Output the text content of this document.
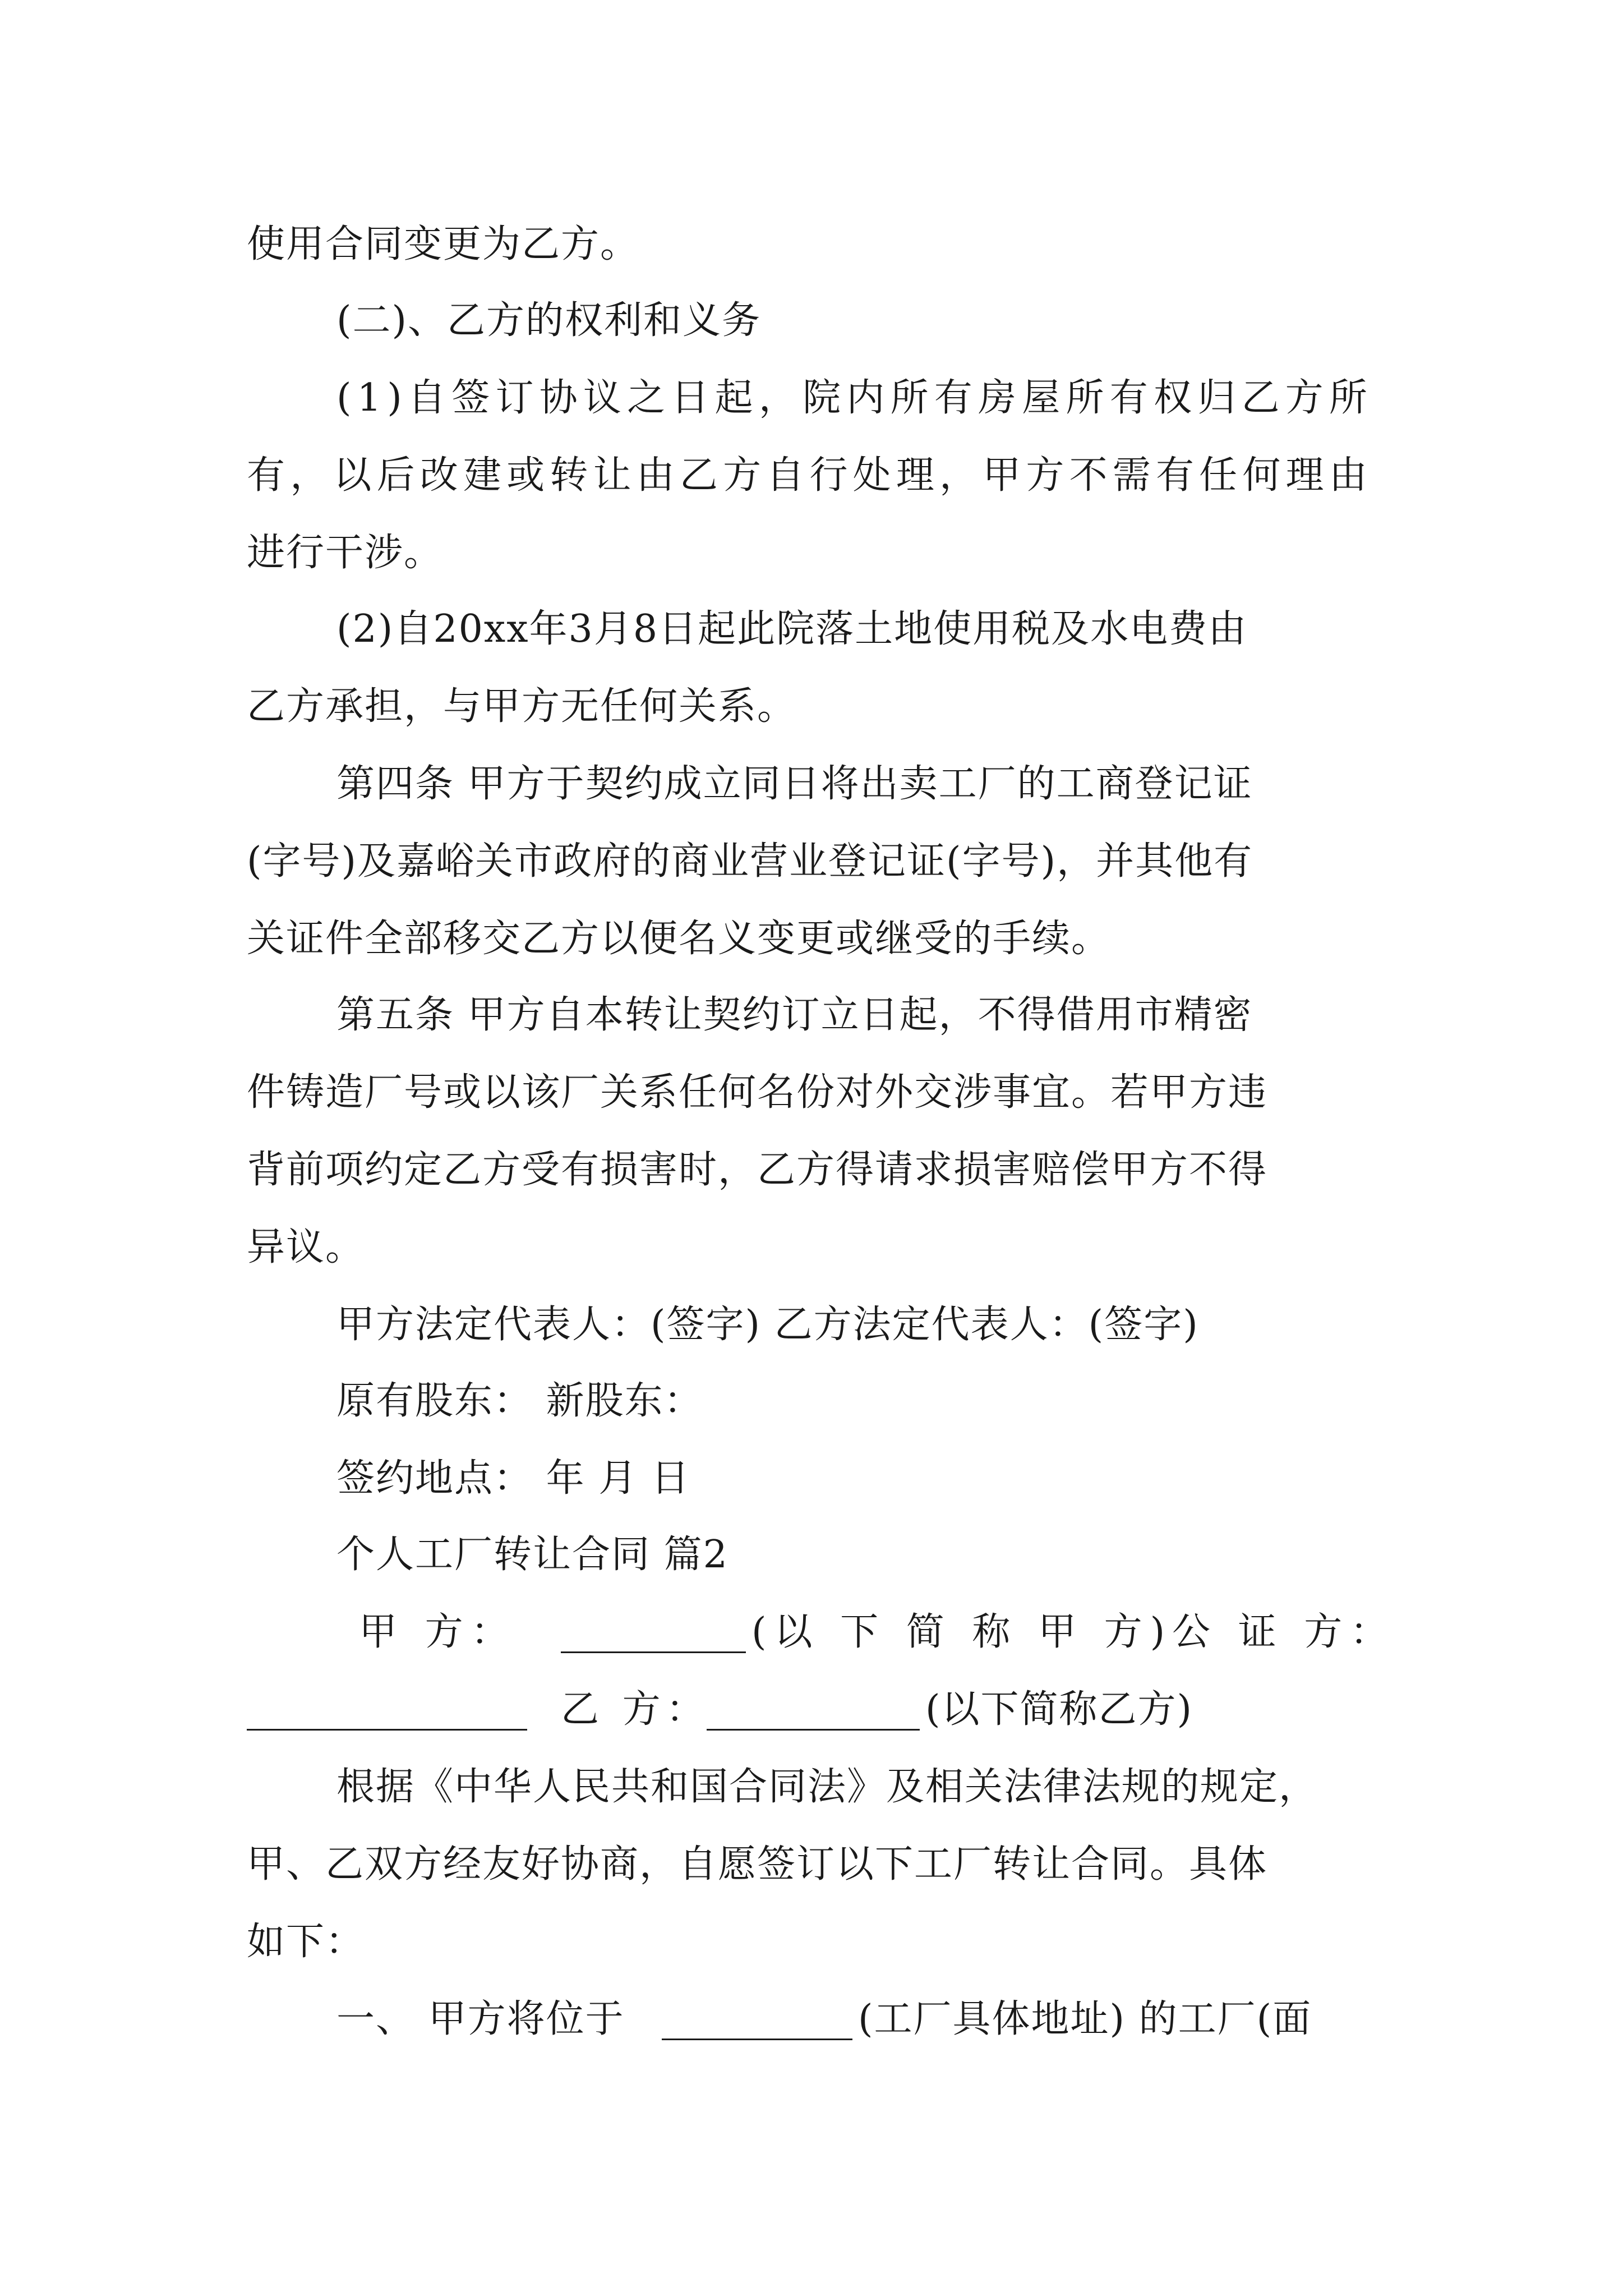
使用合同变更为乙方。
(二)、乙方的权利和义务
( 1 ) 自 签 订 协 议 之 日 起 ， 院 内 所 有 房 屋 所 有 权 归 乙 方 所
有 ， 以 后 改 建 或 转 让 由 乙 方 自 行 处 理 ， 甲 方 不 需 有 任 何 理 由
进行干涉。
(2)自20xx年3月8日起此院落土地使用税及水电费由
乙方承担，与甲方无任何关系。
第四条 甲方于契约成立同日将出卖工厂的工商登记证
(字号)及嘉峪关市政府的商业营业登记证(字号)，并其他有
关证件全部移交乙方以便名义变更或继受的手续。
第五条 甲方自本转让契约订立日起，不得借用市精密
件铸造厂号或以该厂关系任何名份对外交涉事宜。若甲方违
背前项约定乙方受有损害时，乙方得请求损害赔偿甲方不得
异议。
甲方法定代表人：(签字) 乙方法定代表人：(签字)
原有股东： 新股东：
签约地点： 年 月 日
个人工厂转让合同 篇2
甲 方：	(以 下 简 称 甲 方)
公 证 方：
乙 方：	(以下简称乙方)
根据《中华人民共和国合同法》及相关法律法规的规定，
甲、乙双方经友好协商，自愿签订以下工厂转让合同。具体
如下：
一、 甲方将位于	(工厂具体地址) 的工厂(面
